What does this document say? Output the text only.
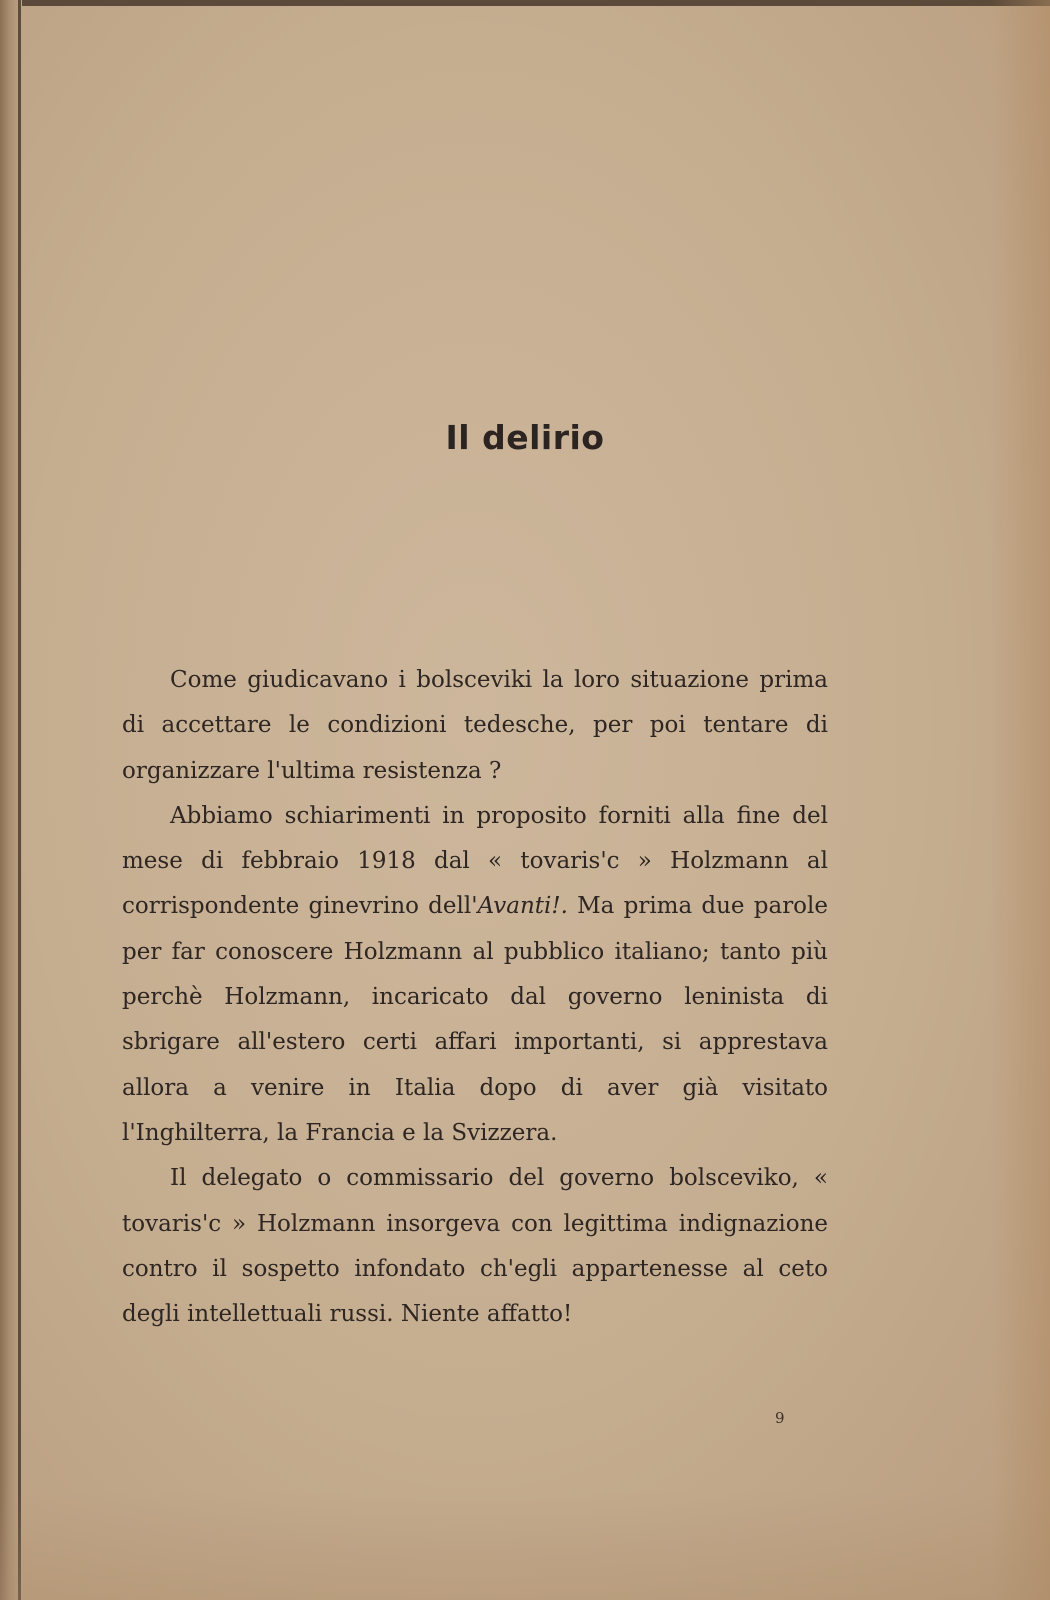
Il delirio

Come giudicavano i bolsceviki la loro situazione prima di accettare le condizioni tedesche, per poi tentare di organizzare l'ultima resistenza ?

Abbiamo schiarimenti in proposito forniti alla fine del mese di febbraio 1918 dal « tovaris'c » Holzmann al corrispondente ginevrino dell'Avanti!. Ma prima due parole per far conoscere Holzmann al pubblico italiano; tanto più perchè Holzmann, incaricato dal governo leninista di sbrigare all'estero certi affari importanti, si apprestava allora a venire in Italia dopo di aver già visitato l'Inghilterra, la Francia e la Svizzera.

Il delegato o commissario del governo bolsceviko, « tovaris'c » Holzmann insorgeva con legittima indignazione contro il sospetto infondato ch'egli appartenesse al ceto degli intellettuali russi. Niente affatto!

9
